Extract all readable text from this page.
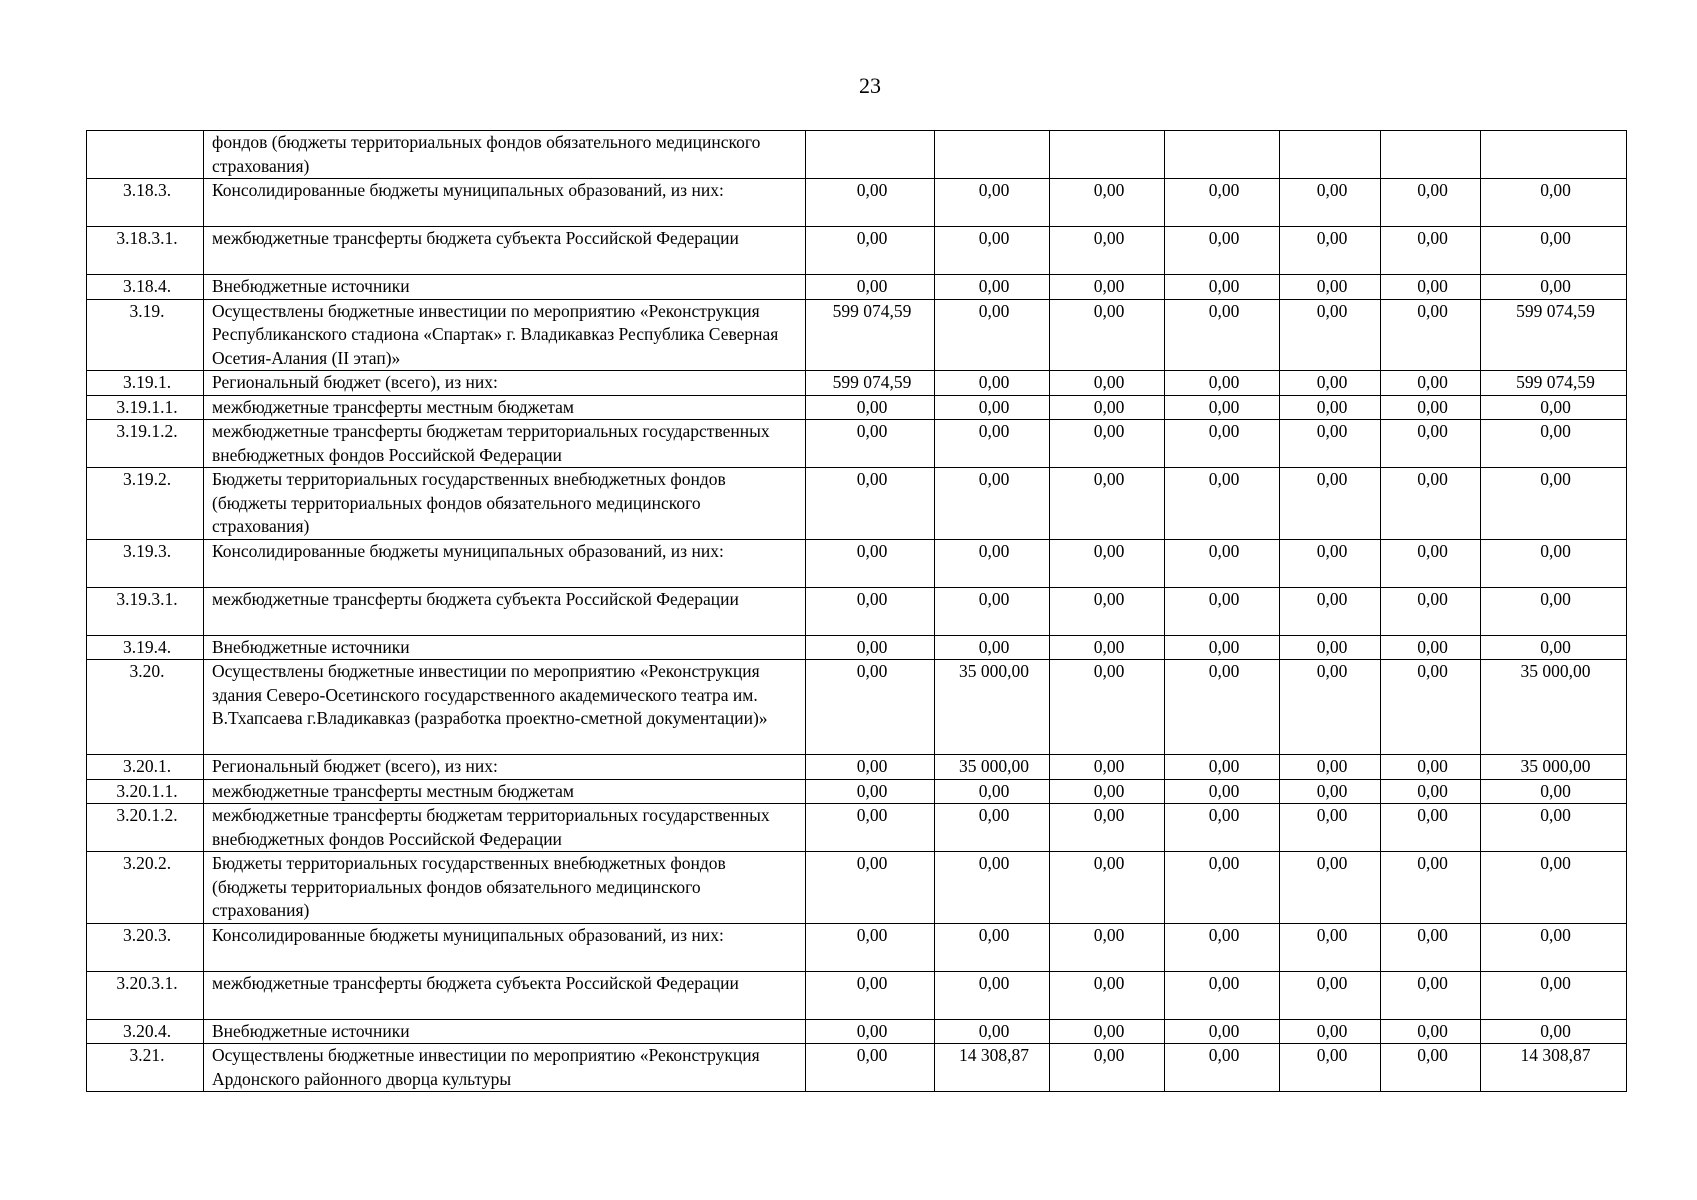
23
	фондов (бюджеты территориальных фондов обязательного медицинского страхования)							
3.18.3.	Консолидированные бюджеты муниципальных образований, из них:	0,00	0,00	0,00	0,00	0,00	0,00	0,00
3.18.3.1.	межбюджетные трансферты бюджета субъекта Российской Федерации	0,00	0,00	0,00	0,00	0,00	0,00	0,00
3.18.4.	Внебюджетные источники	0,00	0,00	0,00	0,00	0,00	0,00	0,00
3.19.	Осуществлены бюджетные инвестиции по мероприятию «Реконструкция Республиканского стадиона «Спартак» г. Владикавказ Республика Северная Осетия-Алания (II этап)»	599 074,59	0,00	0,00	0,00	0,00	0,00	599 074,59
3.19.1.	Региональный бюджет (всего), из них:	599 074,59	0,00	0,00	0,00	0,00	0,00	599 074,59
3.19.1.1.	межбюджетные трансферты местным бюджетам	0,00	0,00	0,00	0,00	0,00	0,00	0,00
3.19.1.2.	межбюджетные трансферты бюджетам территориальных государственных внебюджетных фондов Российской Федерации	0,00	0,00	0,00	0,00	0,00	0,00	0,00
3.19.2.	Бюджеты территориальных государственных внебюджетных фондов (бюджеты территориальных фондов обязательного медицинского страхования)	0,00	0,00	0,00	0,00	0,00	0,00	0,00
3.19.3.	Консолидированные бюджеты муниципальных образований, из них:	0,00	0,00	0,00	0,00	0,00	0,00	0,00
3.19.3.1.	межбюджетные трансферты бюджета субъекта Российской Федерации	0,00	0,00	0,00	0,00	0,00	0,00	0,00
3.19.4.	Внебюджетные источники	0,00	0,00	0,00	0,00	0,00	0,00	0,00
3.20.	Осуществлены бюджетные инвестиции по мероприятию «Реконструкция здания Северо-Осетинского государственного академического театра им. В.Тхапсаева г.Владикавказ (разработка проектно-сметной документации)»	0,00	35 000,00	0,00	0,00	0,00	0,00	35 000,00
3.20.1.	Региональный бюджет (всего), из них:	0,00	35 000,00	0,00	0,00	0,00	0,00	35 000,00
3.20.1.1.	межбюджетные трансферты местным бюджетам	0,00	0,00	0,00	0,00	0,00	0,00	0,00
3.20.1.2.	межбюджетные трансферты бюджетам территориальных государственных внебюджетных фондов Российской Федерации	0,00	0,00	0,00	0,00	0,00	0,00	0,00
3.20.2.	Бюджеты территориальных государственных внебюджетных фондов (бюджеты территориальных фондов обязательного медицинского страхования)	0,00	0,00	0,00	0,00	0,00	0,00	0,00
3.20.3.	Консолидированные бюджеты муниципальных образований, из них:	0,00	0,00	0,00	0,00	0,00	0,00	0,00
3.20.3.1.	межбюджетные трансферты бюджета субъекта Российской Федерации	0,00	0,00	0,00	0,00	0,00	0,00	0,00
3.20.4.	Внебюджетные источники	0,00	0,00	0,00	0,00	0,00	0,00	0,00
3.21.	Осуществлены бюджетные инвестиции по мероприятию «Реконструкция Ардонского районного дворца культуры	0,00	14 308,87	0,00	0,00	0,00	0,00	14 308,87
